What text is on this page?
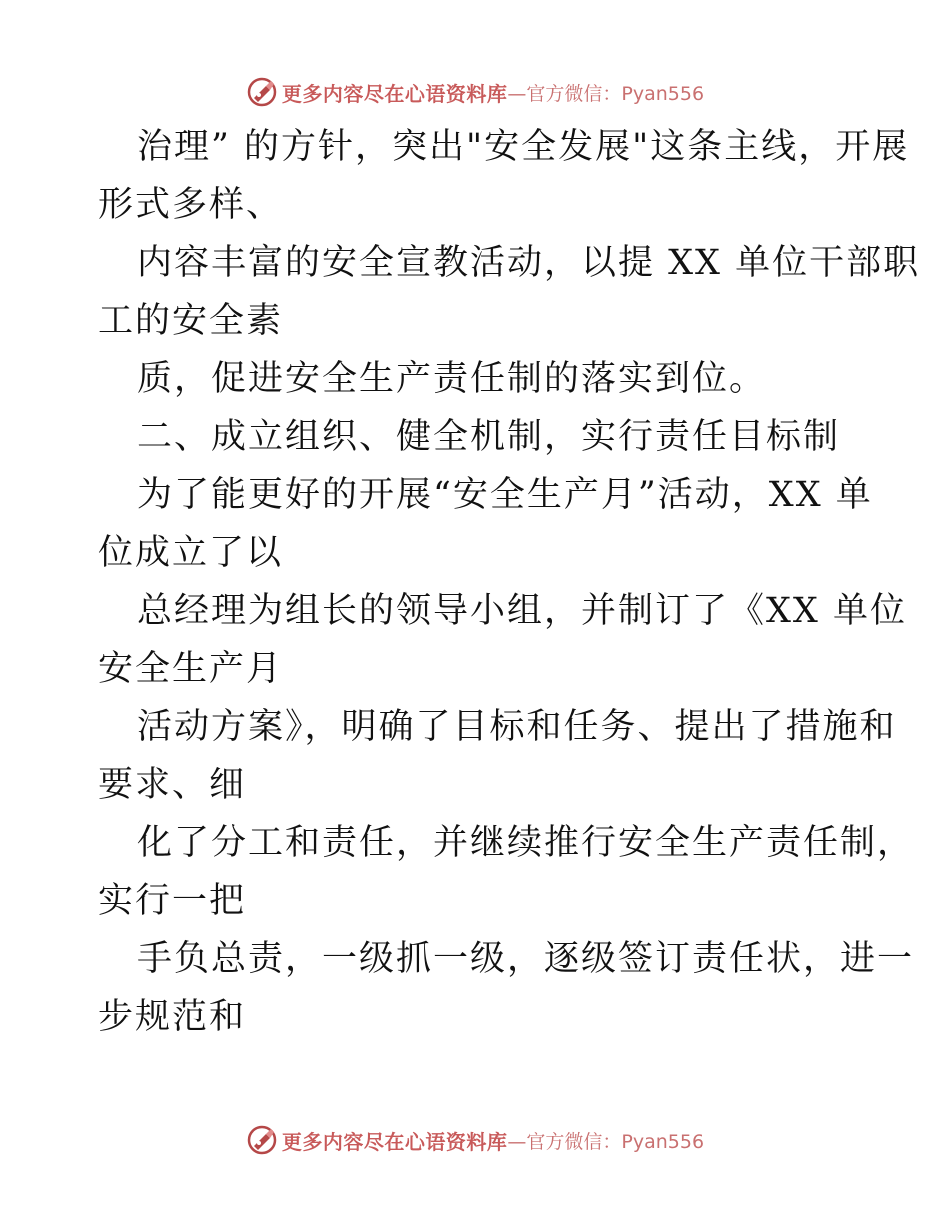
更多内容尽在心语资料库 —官方微信：Pyan556

治理” 的方针，突出"安全发展"这条主线，开展
形式多样、

内容丰富的安全宣教活动，以提 XX 单位干部职
工的安全素

质，促进安全生产责任制的落实到位。

二、成立组织、健全机制，实行责任目标制

为了能更好的开展“安全生产月”活动，XX 单
位成立了以

总经理为组长的领导小组，并制订了《XX 单位
安全生产月

活动方案》，明确了目标和任务、提出了措施和
要求、细

化了分工和责任，并继续推行安全生产责任制，
实行一把

手负总责，一级抓一级，逐级签订责任状，进一
步规范和

更多内容尽在心语资料库 —官方微信：Pyan556
